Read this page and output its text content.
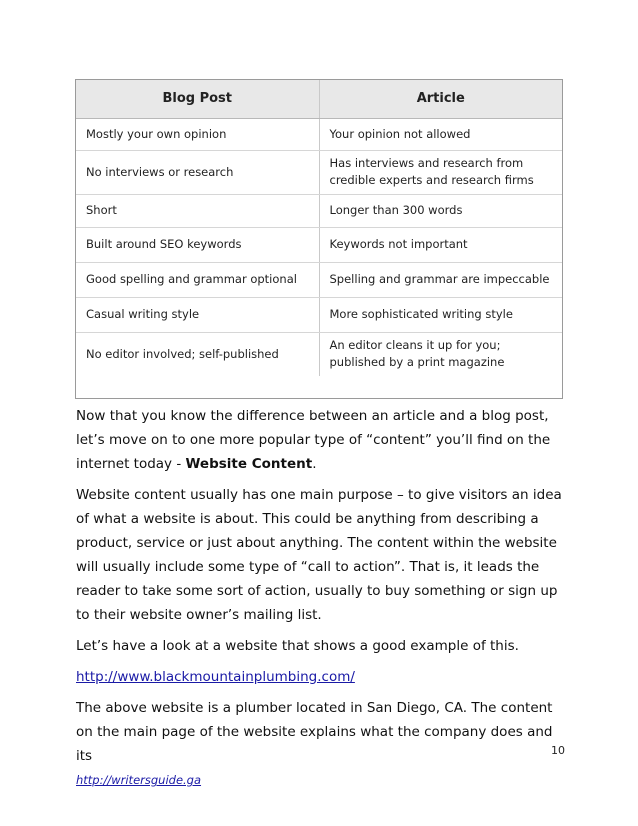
Blog Post	Article
Mostly your own opinion	Your opinion not allowed
No interviews or research	Has interviews and research from credible experts and research firms
Short	Longer than 300 words
Built around SEO keywords	Keywords not important
Good spelling and grammar optional	Spelling and grammar are impeccable
Casual writing style	More sophisticated writing style
No editor involved; self-published	An editor cleans it up for you; published by a print magazine

Now that you know the difference between an article and a blog post, let’s move on to one more popular type of “content” you’ll find on the internet today - Website Content.

Website content usually has one main purpose – to give visitors an idea of what a website is about. This could be anything from describing a product, service or just about anything. The content within the website will usually include some type of “call to action”. That is, it leads the reader to take some sort of action, usually to buy something or sign up to their website owner’s mailing list.

Let’s have a look at a website that shows a good example of this.

http://www.blackmountainplumbing.com/

The above website is a plumber located in San Diego, CA. The content on the main page of the website explains what the company does and its	10
http://writersguide.ga
